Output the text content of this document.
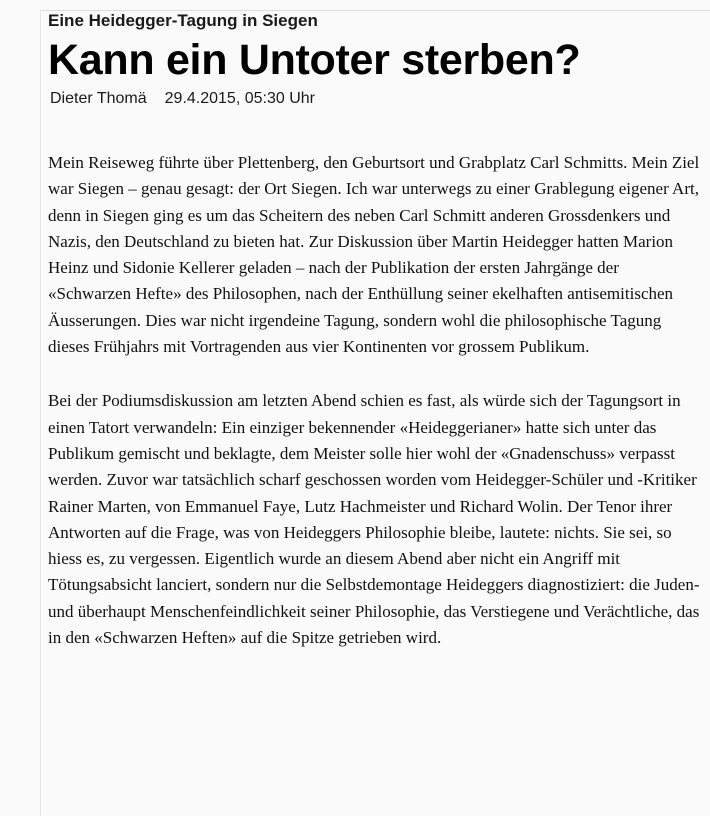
Eine Heidegger-Tagung in Siegen
Kann ein Untoter sterben?
Dieter Thomä 29.4.2015, 05:30 Uhr

Mein Reiseweg führte über Plettenberg, den Geburtsort und Grabplatz Carl Schmitts. Mein Ziel war Siegen – genau gesagt: der Ort Siegen. Ich war unterwegs zu einer Grablegung eigener Art, denn in Siegen ging es um das Scheitern des neben Carl Schmitt anderen Grossdenkers und Nazis, den Deutschland zu bieten hat. Zur Diskussion über Martin Heidegger hatten Marion Heinz und Sidonie Kellerer geladen – nach der Publikation der ersten Jahrgänge der «Schwarzen Hefte» des Philosophen, nach der Enthüllung seiner ekelhaften antisemitischen Äusserungen. Dies war nicht irgendeine Tagung, sondern wohl die philosophische Tagung dieses Frühjahrs mit Vortragenden aus vier Kontinenten vor grossem Publikum.

Bei der Podiumsdiskussion am letzten Abend schien es fast, als würde sich der Tagungsort in einen Tatort verwandeln: Ein einziger bekennender «Heideggerianer» hatte sich unter das Publikum gemischt und beklagte, dem Meister solle hier wohl der «Gnadenschuss» verpasst werden. Zuvor war tatsächlich scharf geschossen worden vom Heidegger-Schüler und -Kritiker Rainer Marten, von Emmanuel Faye, Lutz Hachmeister und Richard Wolin. Der Tenor ihrer Antworten auf die Frage, was von Heideggers Philosophie bleibe, lautete: nichts. Sie sei, so hiess es, zu vergessen. Eigentlich wurde an diesem Abend aber nicht ein Angriff mit Tötungsabsicht lanciert, sondern nur die Selbstdemontage Heideggers diagnostiziert: die Juden- und überhaupt Menschenfeindlichkeit seiner Philosophie, das Verstiegene und Verächtliche, das in den «Schwarzen Heften» auf die Spitze getrieben wird.
